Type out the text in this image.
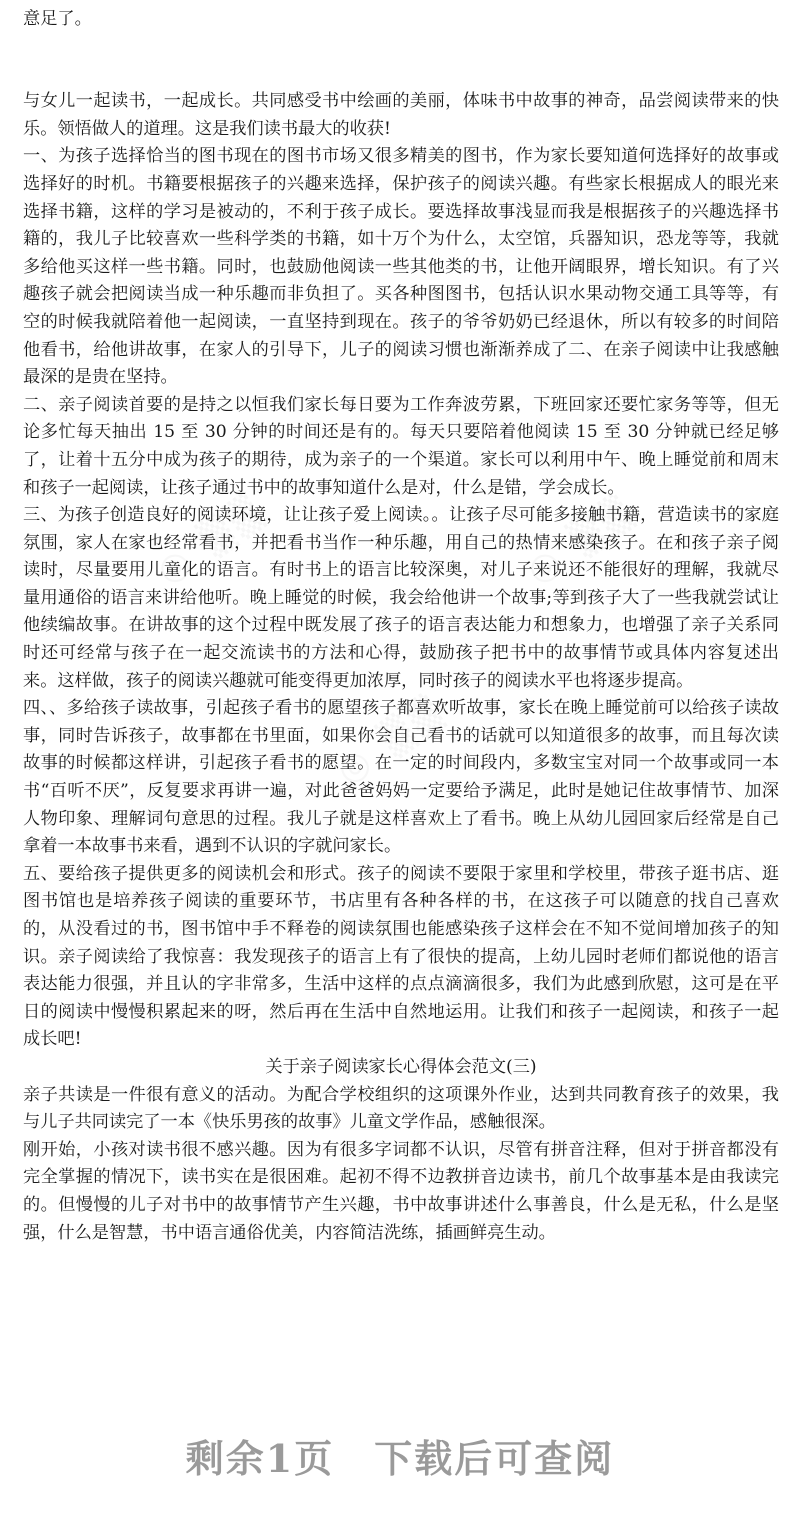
◎ ▒▒	◎ ▒▒
◎ ▒▒

意足了。

与女儿一起读书，一起成长。共同感受书中绘画的美丽，体味书中故事的神奇，品尝阅读带来的快乐。领悟做人的道理。这是我们读书最大的收获!

一、为孩子选择恰当的图书现在的图书市场又很多精美的图书，作为家长要知道何选择好的故事或选择好的时机。书籍要根据孩子的兴趣来选择，保护孩子的阅读兴趣。有些家长根据成人的眼光来选择书籍，这样的学习是被动的，不利于孩子成长。要选择故事浅显而我是根据孩子的兴趣选择书籍的，我儿子比较喜欢一些科学类的书籍，如十万个为什么，太空馆，兵器知识，恐龙等等，我就多给他买这样一些书籍。同时，也鼓励他阅读一些其他类的书，让他开阔眼界，增长知识。有了兴趣孩子就会把阅读当成一种乐趣而非负担了。买各种图图书，包括认识水果动物交通工具等等，有空的时候我就陪着他一起阅读，一直坚持到现在。孩子的爷爷奶奶已经退休，所以有较多的时间陪他看书，给他讲故事，在家人的引导下，儿子的阅读习惯也渐渐养成了二、在亲子阅读中让我感触最深的是贵在坚持。

二、亲子阅读首要的是持之以恒我们家长每日要为工作奔波劳累，下班回家还要忙家务等等，但无论多忙每天抽出 15 至 30 分钟的时间还是有的。每天只要陪着他阅读 15 至 30 分钟就已经足够了，让着十五分中成为孩子的期待，成为亲子的一个渠道。家长可以利用中午、晚上睡觉前和周末和孩子一起阅读，让孩子通过书中的故事知道什么是对，什么是错，学会成长。

三、为孩子创造良好的阅读环境，让让孩子爱上阅读。。让孩子尽可能多接触书籍，营造读书的家庭氛围，家人在家也经常看书，并把看书当作一种乐趣，用自己的热情来感染孩子。在和孩子亲子阅读时，尽量要用儿童化的语言。有时书上的语言比较深奥，对儿子来说还不能很好的理解，我就尽量用通俗的语言来讲给他听。晚上睡觉的时候，我会给他讲一个故事;等到孩子大了一些我就尝试让他续编故事。在讲故事的这个过程中既发展了孩子的语言表达能力和想象力，也增强了亲子关系同时还可经常与孩子在一起交流读书的方法和心得，鼓励孩子把书中的故事情节或具体内容复述出来。这样做，孩子的阅读兴趣就可能变得更加浓厚，同时孩子的阅读水平也将逐步提高。

四、、多给孩子读故事，引起孩子看书的愿望孩子都喜欢听故事，家长在晚上睡觉前可以给孩子读故事，同时告诉孩子，故事都在书里面，如果你会自己看书的话就可以知道很多的故事，而且每次读故事的时候都这样讲，引起孩子看书的愿望。在一定的时间段内，多数宝宝对同一个故事或同一本书“百听不厌”，反复要求再讲一遍，对此爸爸妈妈一定要给予满足，此时是她记住故事情节、加深人物印象、理解词句意思的过程。我儿子就是这样喜欢上了看书。晚上从幼儿园回家后经常是自己拿着一本故事书来看，遇到不认识的字就问家长。

五、要给孩子提供更多的阅读机会和形式。孩子的阅读不要限于家里和学校里，带孩子逛书店、逛图书馆也是培养孩子阅读的重要环节，书店里有各种各样的书，在这孩子可以随意的找自己喜欢的，从没看过的书，图书馆中手不释卷的阅读氛围也能感染孩子这样会在不知不觉间增加孩子的知识。亲子阅读给了我惊喜：我发现孩子的语言上有了很快的提高，上幼儿园时老师们都说他的语言表达能力很强，并且认的字非常多，生活中这样的点点滴滴很多，我们为此感到欣慰，这可是在平日的阅读中慢慢积累起来的呀，然后再在生活中自然地运用。让我们和孩子一起阅读，和孩子一起成长吧!

关于亲子阅读家长心得体会范文(三)

亲子共读是一件很有意义的活动。为配合学校组织的这项课外作业，达到共同教育孩子的效果，我与儿子共同读完了一本《快乐男孩的故事》儿童文学作品，感触很深。

刚开始，小孩对读书很不感兴趣。因为有很多字词都不认识，尽管有拼音注释，但对于拼音都没有完全掌握的情况下，读书实在是很困难。起初不得不边教拼音边读书，前几个故事基本是由我读完的。但慢慢的儿子对书中的故事情节产生兴趣，书中故事讲述什么事善良，什么是无私，什么是坚强，什么是智慧，书中语言通俗优美，内容简洁洗练，插画鲜亮生动。

剩余1页 下载后可查阅
